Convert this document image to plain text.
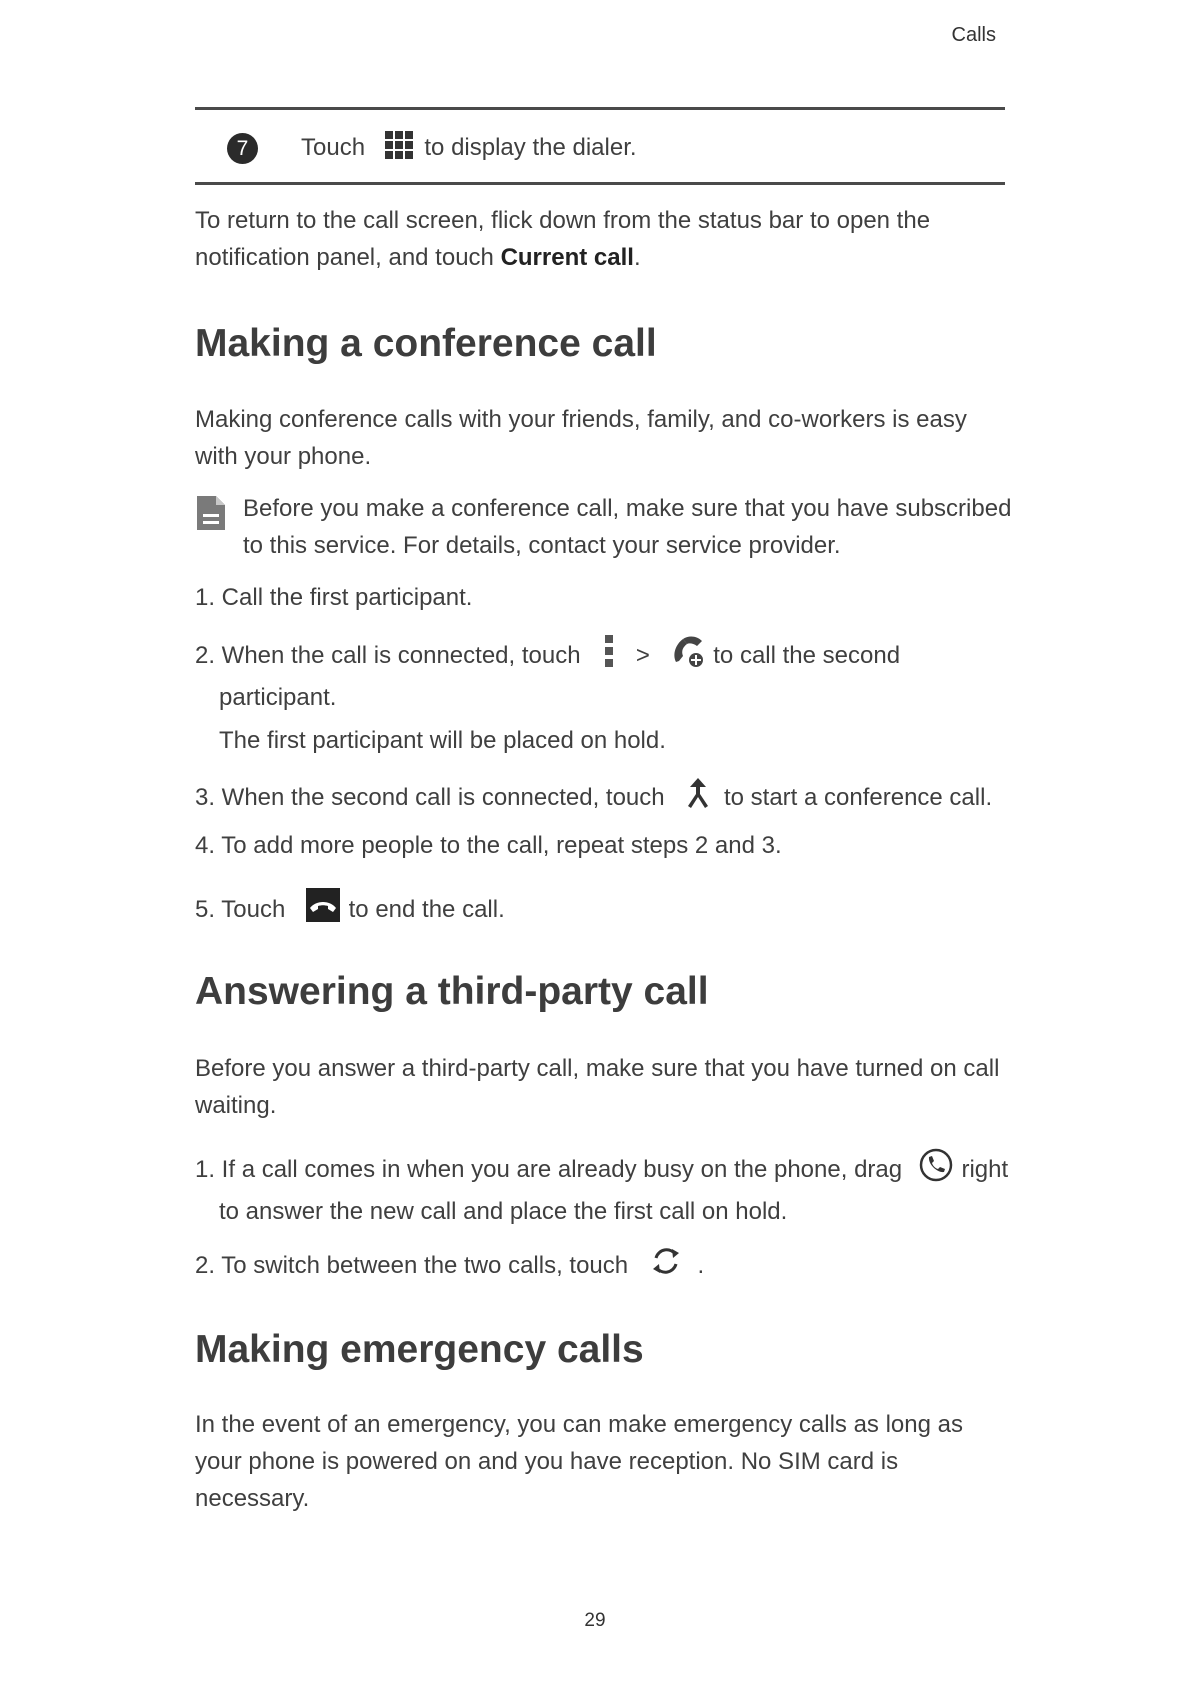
Calls
7	Touch to display the dialer.

To return to the call screen, flick down from the status bar to open the notification panel, and touch Current call.

Making a conference call

Making conference calls with your friends, family, and co-workers is easy with your phone.

Before you make a conference call, make sure that you have subscribed to this service. For details, contact your service provider.
1. Call the first participant.
2. When the call is connected, touch >	to call the second
participant.
The first participant will be placed on hold.
3. When the second call is connected, touch to start a conference call.
4. To add more people to the call, repeat steps 2 and 3.
5. Touch	to end the call.
Answering a third-party call

Before you answer a third-party call, make sure that you have turned on call waiting.

1. If a call comes in when you are already busy on the phone, drag right
to answer the new call and place the first call on hold.
2. To switch between the two calls, touch	.
Making emergency calls

In the event of an emergency, you can make emergency calls as long as your phone is powered on and you have reception. No SIM card is necessary.

29
